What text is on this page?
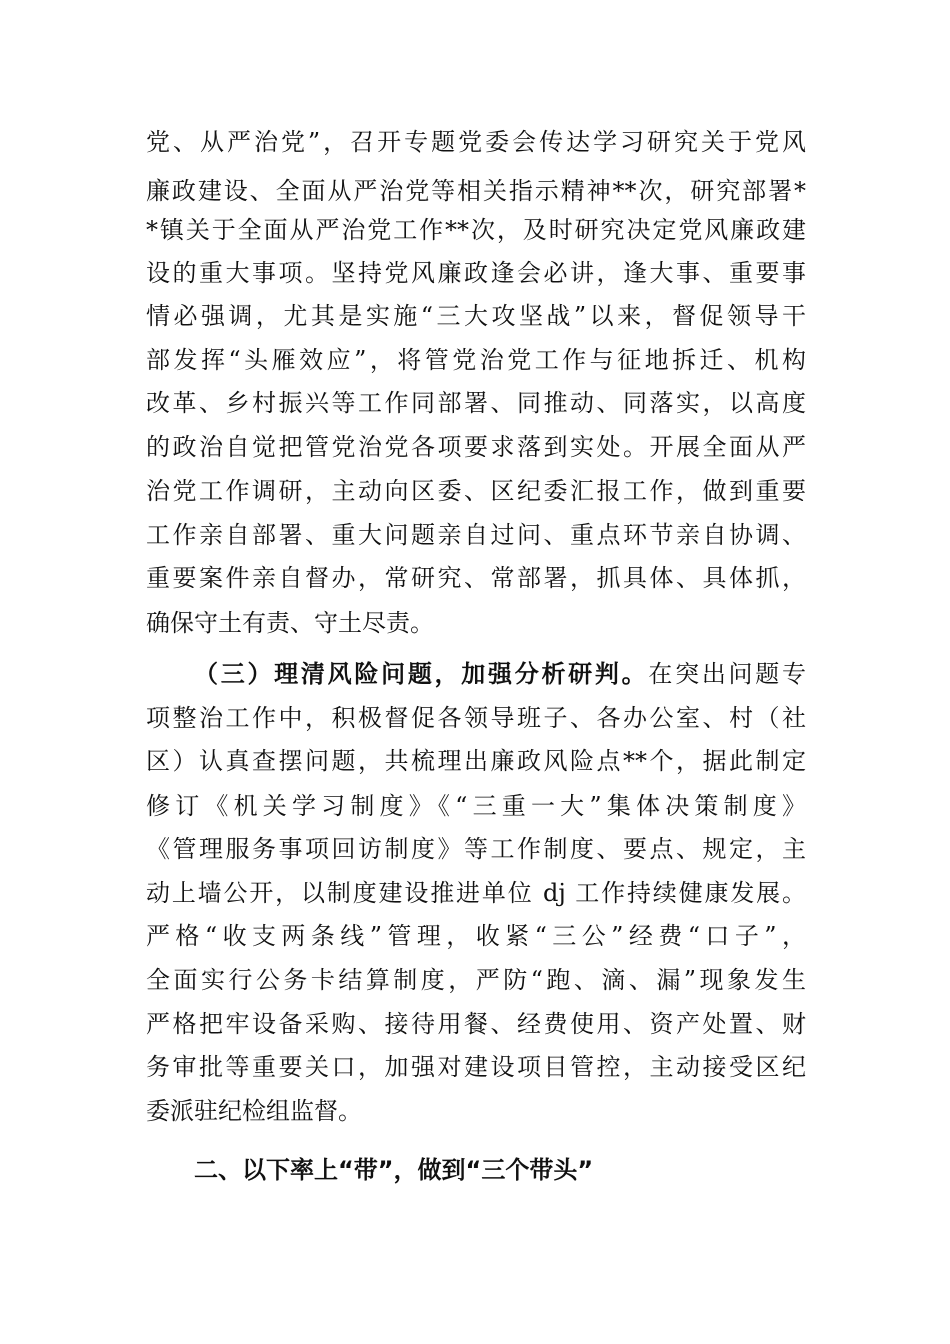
党、从严治党”，召开专题党委会传达学习研究关于党风
廉政建设、全面从严治党等相关指示精神**次，研究部署*
*镇关于全面从严治党工作**次，及时研究决定党风廉政建
设的重大事项。坚持党风廉政逢会必讲，逢大事、重要事
情必强调，尤其是实施“三大攻坚战”以来，督促领导干
部发挥“头雁效应”，将管党治党工作与征地拆迁、机构
改革、乡村振兴等工作同部署、同推动、同落实，以高度
的政治自觉把管党治党各项要求落到实处。开展全面从严
治党工作调研，主动向区委、区纪委汇报工作，做到重要
工作亲自部署、重大问题亲自过问、重点环节亲自协调、
重要案件亲自督办，常研究、常部署，抓具体、具体抓，
确保守土有责、守土尽责。
（三）理清风险问题，加强分析研判。在突出问题专
项整治工作中，积极督促各领导班子、各办公室、村（社
区）认真查摆问题，共梳理出廉政风险点**个，据此制定
修订《机关学习制度》《“三重一大”集体决策制度》
《管理服务事项回访制度》等工作制度、要点、规定，主
动上墙公开，以制度建设推进单位 dj 工作持续健康发展。
严格“收支两条线”管理，收紧“三公”经费“口子”，
全面实行公务卡结算制度，严防“跑、滴、漏”现象发生
严格把牢设备采购、接待用餐、经费使用、资产处置、财
务审批等重要关口，加强对建设项目管控，主动接受区纪
委派驻纪检组监督。
二、以下率上“带”，做到“三个带头”
